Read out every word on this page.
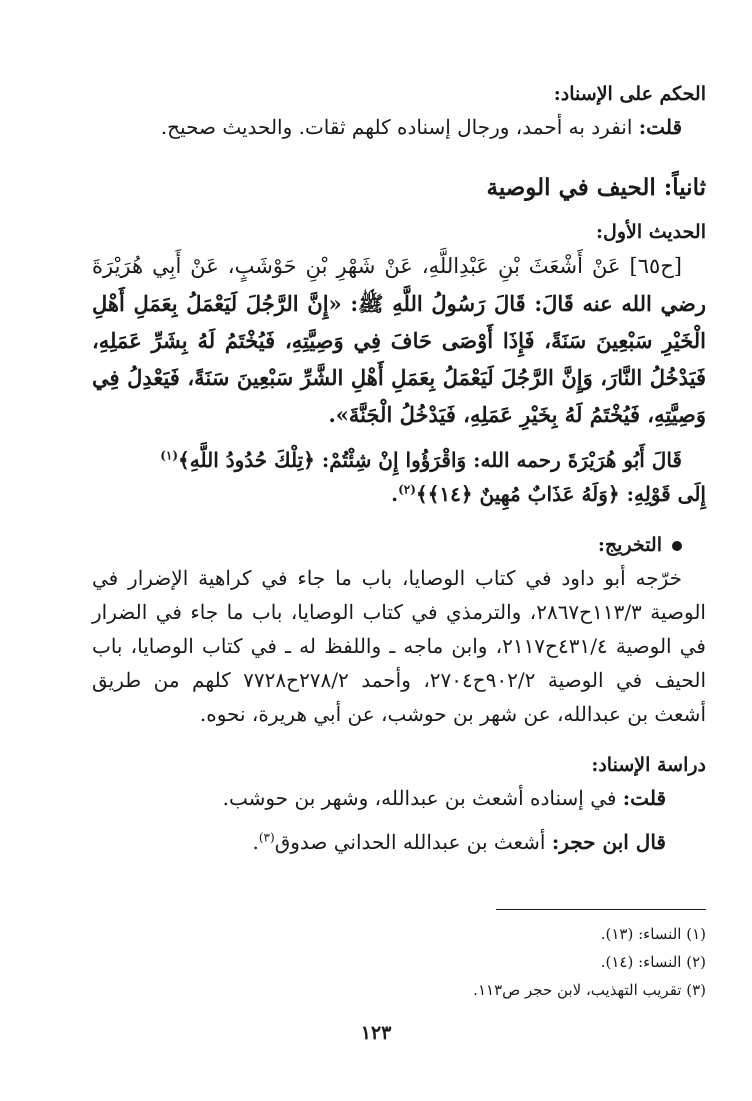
الحكم على الإسناد:
قلت: انفرد به أحمد، ورجال إسناده كلهم ثقات. والحديث صحيح.
ثانياً: الحيف في الوصية
الحديث الأول:
[ح٦٥] عَنْ أَشْعَثَ بْنِ عَبْدِاللَّهِ، عَنْ شَهْرِ بْنِ حَوْشَبٍ، عَنْ أَبِي هُرَيْرَةَ
رضي الله عنه قَالَ: قَالَ رَسُولُ اللَّهِ ﷺ: «إِنَّ الرَّجُلَ لَيَعْمَلُ بِعَمَلِ أَهْلِ
الْخَيْرِ سَبْعِينَ سَنَةً، فَإِذَا أَوْصَى حَافَ فِي وَصِيَّتِهِ، فَيُخْتَمُ لَهُ بِشَرِّ عَمَلِهِ،
فَيَدْخُلُ النَّارَ، وَإِنَّ الرَّجُلَ لَيَعْمَلُ بِعَمَلِ أَهْلِ الشَّرِّ سَبْعِينَ سَنَةً، فَيَعْدِلُ فِي
وَصِيَّتِهِ، فَيُخْتَمُ لَهُ بِخَيْرِ عَمَلِهِ، فَيَدْخُلُ الْجَنَّةَ».
قَالَ أَبُو هُرَيْرَةَ رحمه الله: وَاقْرَؤُوا إِنْ شِئْتُمْ: ﴿تِلْكَ حُدُودُ اللَّهِ﴾$^{(١)}$
إِلَى قَوْلِهِ: ﴿وَلَهُ عَذَابٌ مُهِينٌ ﴿١٤﴾﴾$^{(٢)}$.
التخريج:
خرّجه أبو داود في كتاب الوصايا، باب ما جاء في كراهية الإضرار في
الوصية ١١٣/٣ح٢٨٦٧، والترمذي في كتاب الوصايا، باب ما جاء في الضرار
في الوصية ٤٣١/٤ح٢١١٧، وابن ماجه ـ واللفظ له ـ في كتاب الوصايا، باب
الحيف في الوصية ٩٠٢/٢ح٢٧٠٤، وأحمد ٢٧٨/٢ح٧٧٢٨ كلهم من طريق
أشعث بن عبدالله، عن شهر بن حوشب، عن أبي هريرة، نحوه.
دراسة الإسناد:
قلت: في إسناده أشعث بن عبدالله، وشهر بن حوشب.
قال ابن حجر: أشعث بن عبدالله الحداني صدوق$^{(٣)}$.
(١) النساء: (١٣).
(٢) النساء: (١٤).
(٣) تقريب التهذيب، لابن حجر ص١١٣.
١٢٣
